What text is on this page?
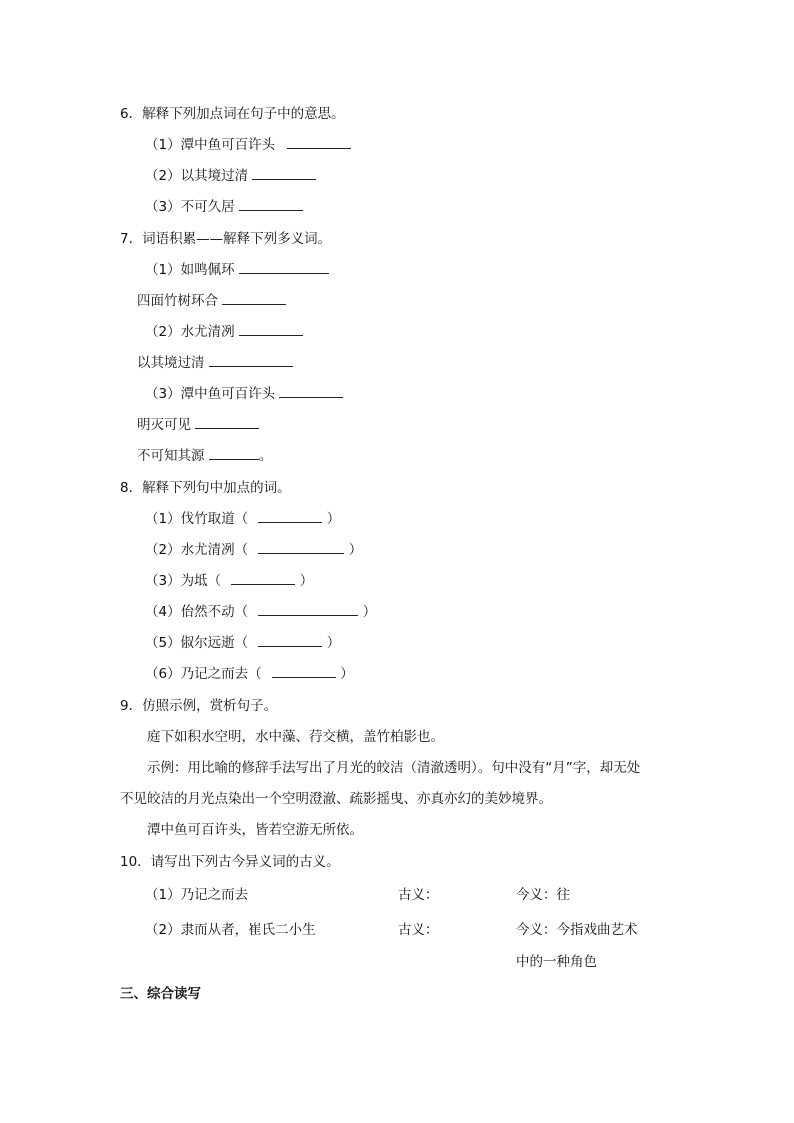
6．解释下列加点词在句子中的意思。
（1）潭中鱼可百许头
（2）以其境过清
（3）不可久居
7．词语积累——解释下列多义词。
（1）如鸣佩环
四面竹树环合
（2）水尤清冽
以其境过清
（3）潭中鱼可百许头
明灭可见
不可知其源	。
8．解释下列句中加点的词。
（1）伐竹取道（	）
（2）水尤清冽（	）
（3）为坻（	）
（4）佁然不动（	）
（5）俶尔远逝（	）
（6）乃记之而去（	）
9．仿照示例，赏析句子。
庭下如积水空明，水中藻、荇交横，盖竹柏影也。
示例：用比喻的修辞手法写出了月光的皎洁（清澈透明）。句中没有“月”字，却无处
不见皎洁的月光点染出一个空明澄澈、疏影摇曳、亦真亦幻的美妙境界。
潭中鱼可百许头，皆若空游无所依。
10．请写出下列古今异义词的古义。
（1）乃记之而去	古义：	今义：往
（2）隶而从者，崔氏二小生	古义：	今义：今指戏曲艺术
中的一种角色
三、综合读写
